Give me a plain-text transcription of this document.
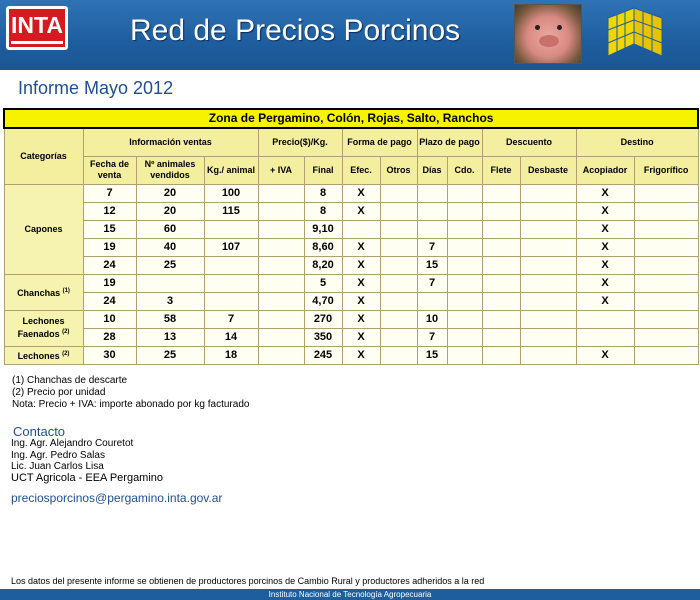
INTA Red de Precios Porcinos
Informe Mayo 2012
Zona de Pergamino, Colón, Rojas, Salto, Ranchos													
Categorías	Información ventas			Precio($)/Kg.		Forma de pago		Plazo de pago		Descuento		Destino	
	Fecha de venta	Nº animales vendidos	Kg./ animal	+ IVA	Final	Efec.	Otros	Días	Cdo.	Flete	Desbaste	Acopiador	Frigorífico
Capones	7	20	100		8	X						X	
	12	20	115		8	X						X	
	15	60			9,10							X	
	19	40	107		8,60	X		7				X	
	24	25			8,20	X		15				X	
Chanchas $^{(1)}$	19				5	X		7				X	
	24	3			4,70	X						X	
Lechones Faenados $^{(2)}$	10	58	7		270	X		10					
	28	13	14		350	X		7					
Lechones $^{(2)}$	30	25	18		245	X		15				X	
(1) Chanchas de descarte
(2) Precio por unidad
Nota: Precio + IVA: importe abonado por kg facturado
Contacto
Ing. Agr. Alejandro Couretot
Ing. Agr. Pedro Salas
Lic. Juan Carlos Lisa
UCT Agricola - EEA Pergamino
preciosporcinos@pergamino.inta.gov.ar
Los datos del presente informe se obtienen de productores porcinos de Cambio Rural y productores adheridos a la red
Instituto Nacional de Tecnología Agropecuaria
